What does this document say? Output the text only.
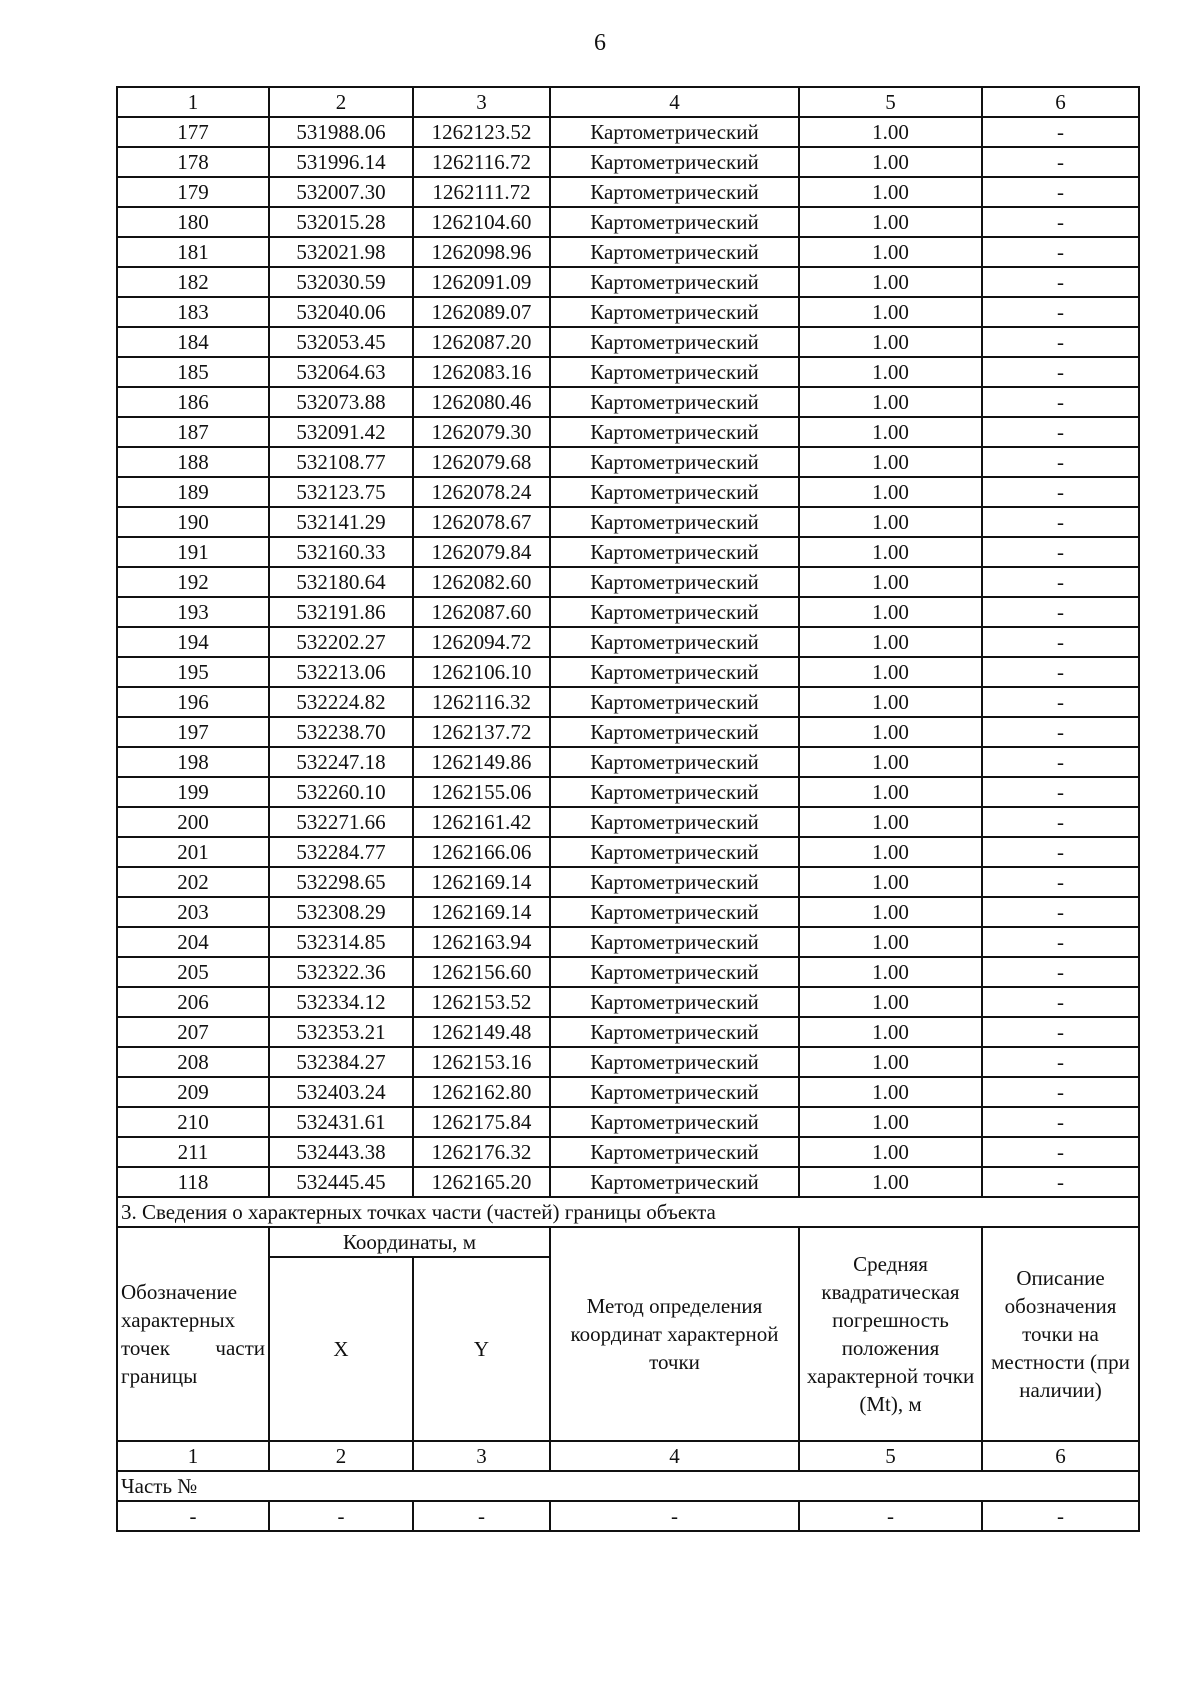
6
1	2	3	4	5	6
177	531988.06	1262123.52	Картометрический	1.00	-
178	531996.14	1262116.72	Картометрический	1.00	-
179	532007.30	1262111.72	Картометрический	1.00	-
180	532015.28	1262104.60	Картометрический	1.00	-
181	532021.98	1262098.96	Картометрический	1.00	-
182	532030.59	1262091.09	Картометрический	1.00	-
183	532040.06	1262089.07	Картометрический	1.00	-
184	532053.45	1262087.20	Картометрический	1.00	-
185	532064.63	1262083.16	Картометрический	1.00	-
186	532073.88	1262080.46	Картометрический	1.00	-
187	532091.42	1262079.30	Картометрический	1.00	-
188	532108.77	1262079.68	Картометрический	1.00	-
189	532123.75	1262078.24	Картометрический	1.00	-
190	532141.29	1262078.67	Картометрический	1.00	-
191	532160.33	1262079.84	Картометрический	1.00	-
192	532180.64	1262082.60	Картометрический	1.00	-
193	532191.86	1262087.60	Картометрический	1.00	-
194	532202.27	1262094.72	Картометрический	1.00	-
195	532213.06	1262106.10	Картометрический	1.00	-
196	532224.82	1262116.32	Картометрический	1.00	-
197	532238.70	1262137.72	Картометрический	1.00	-
198	532247.18	1262149.86	Картометрический	1.00	-
199	532260.10	1262155.06	Картометрический	1.00	-
200	532271.66	1262161.42	Картометрический	1.00	-
201	532284.77	1262166.06	Картометрический	1.00	-
202	532298.65	1262169.14	Картометрический	1.00	-
203	532308.29	1262169.14	Картометрический	1.00	-
204	532314.85	1262163.94	Картометрический	1.00	-
205	532322.36	1262156.60	Картометрический	1.00	-
206	532334.12	1262153.52	Картометрический	1.00	-
207	532353.21	1262149.48	Картометрический	1.00	-
208	532384.27	1262153.16	Картометрический	1.00	-
209	532403.24	1262162.80	Картометрический	1.00	-
210	532431.61	1262175.84	Картометрический	1.00	-
211	532443.38	1262176.32	Картометрический	1.00	-
118	532445.45	1262165.20	Картометрический	1.00	-
3. Сведения о характерных точках части (частей) границы объекта					
Обозначение характерных точек части границы	Координаты, м		Метод определения координат характерной точки	Средняя квадратическая погрешность положения характерной точки (Mt), м	Описание обозначения точки на местности (при наличии)
	X	Y			
1	2	3	4	5	6
Часть №					
-	-	-	-	-	-
